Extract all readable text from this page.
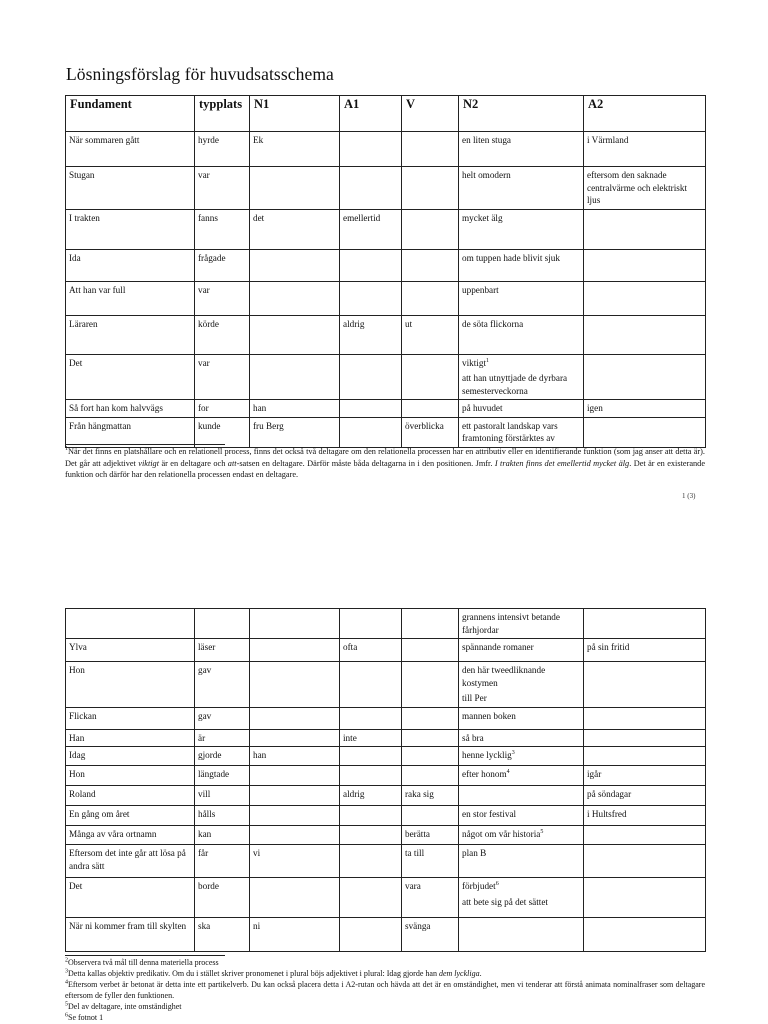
Lösningsförslag för huvudsatsschema
Fundament	typplats	N1	A1	V	N2	A2
När sommaren gått	hyrde	Ek			en liten stuga	i Värmland
Stugan	var				helt omodern	eftersom den saknade centralvärme och elektriskt ljus
I trakten	fanns	det	emellertid		mycket älg	
Ida	frågade				om tuppen hade blivit sjuk	
Att han var full	var				uppenbart	
Läraren	körde		aldrig	ut	de söta flickorna	
Det	var				viktigt$^1$
att han utnyttjade de dyrbara semesterveckorna	

Så fort han kom halvvägs	for	han			på huvudet	igen
Från hängmattan	kunde	fru Berg		överblicka	ett pastoralt landskap vars framtoning förstärktes av	
$^1$När det finns en platshållare och en relationell process, finns det också två deltagare om den relationella processen har en attributiv eller en identifierande funktion (som jag anser att detta är). Det går att adjektivet viktigt är en deltagare och att-satsen en deltagare. Därför måste båda deltagarna in i den positionen. Jmfr. I trakten finns det emellertid mycket älg. Det är en existerande funktion och därför har den relationella processen endast en deltagare.
1 (3)
					grannens intensivt betande fårhjordar	
Ylva	läser		ofta		spännande romaner	på sin fritid
Hon	gav				den här tweedliknande kostymen
till Per	

Flickan	gav				mannen boken	
Han	är		inte		så bra	
Idag	gjorde	han			henne lycklig$^3$	
Hon	längtade				efter honom$^4$	igår
Roland	vill		aldrig	raka sig		på söndagar
En gång om året	hålls				en stor festival	i Hultsfred
Många av våra ortnamn	kan			berätta	något om vår historia$^5$	
Eftersom det inte går att lösa på andra sätt	får	vi		ta till	plan B	
Det	borde			vara	förbjudet$^6$
att bete sig på det sättet	

När ni kommer fram till skylten	ska	ni		svänga		
$^2$Observera två mål till denna materiella process
$^3$Detta kallas objektiv predikativ. Om du i stället skriver pronomenet i plural böjs adjektivet i plural: Idag gjorde han dem lyckliga.
$^4$Eftersom verbet är betonat är detta inte ett partikelverb. Du kan också placera detta i A2-rutan och hävda att det är en omständighet, men vi tenderar att förstå animata nominalfraser som deltagare eftersom de fyller den funktionen.
$^5$Del av deltagare, inte omständighet
$^6$Se fotnot 1
